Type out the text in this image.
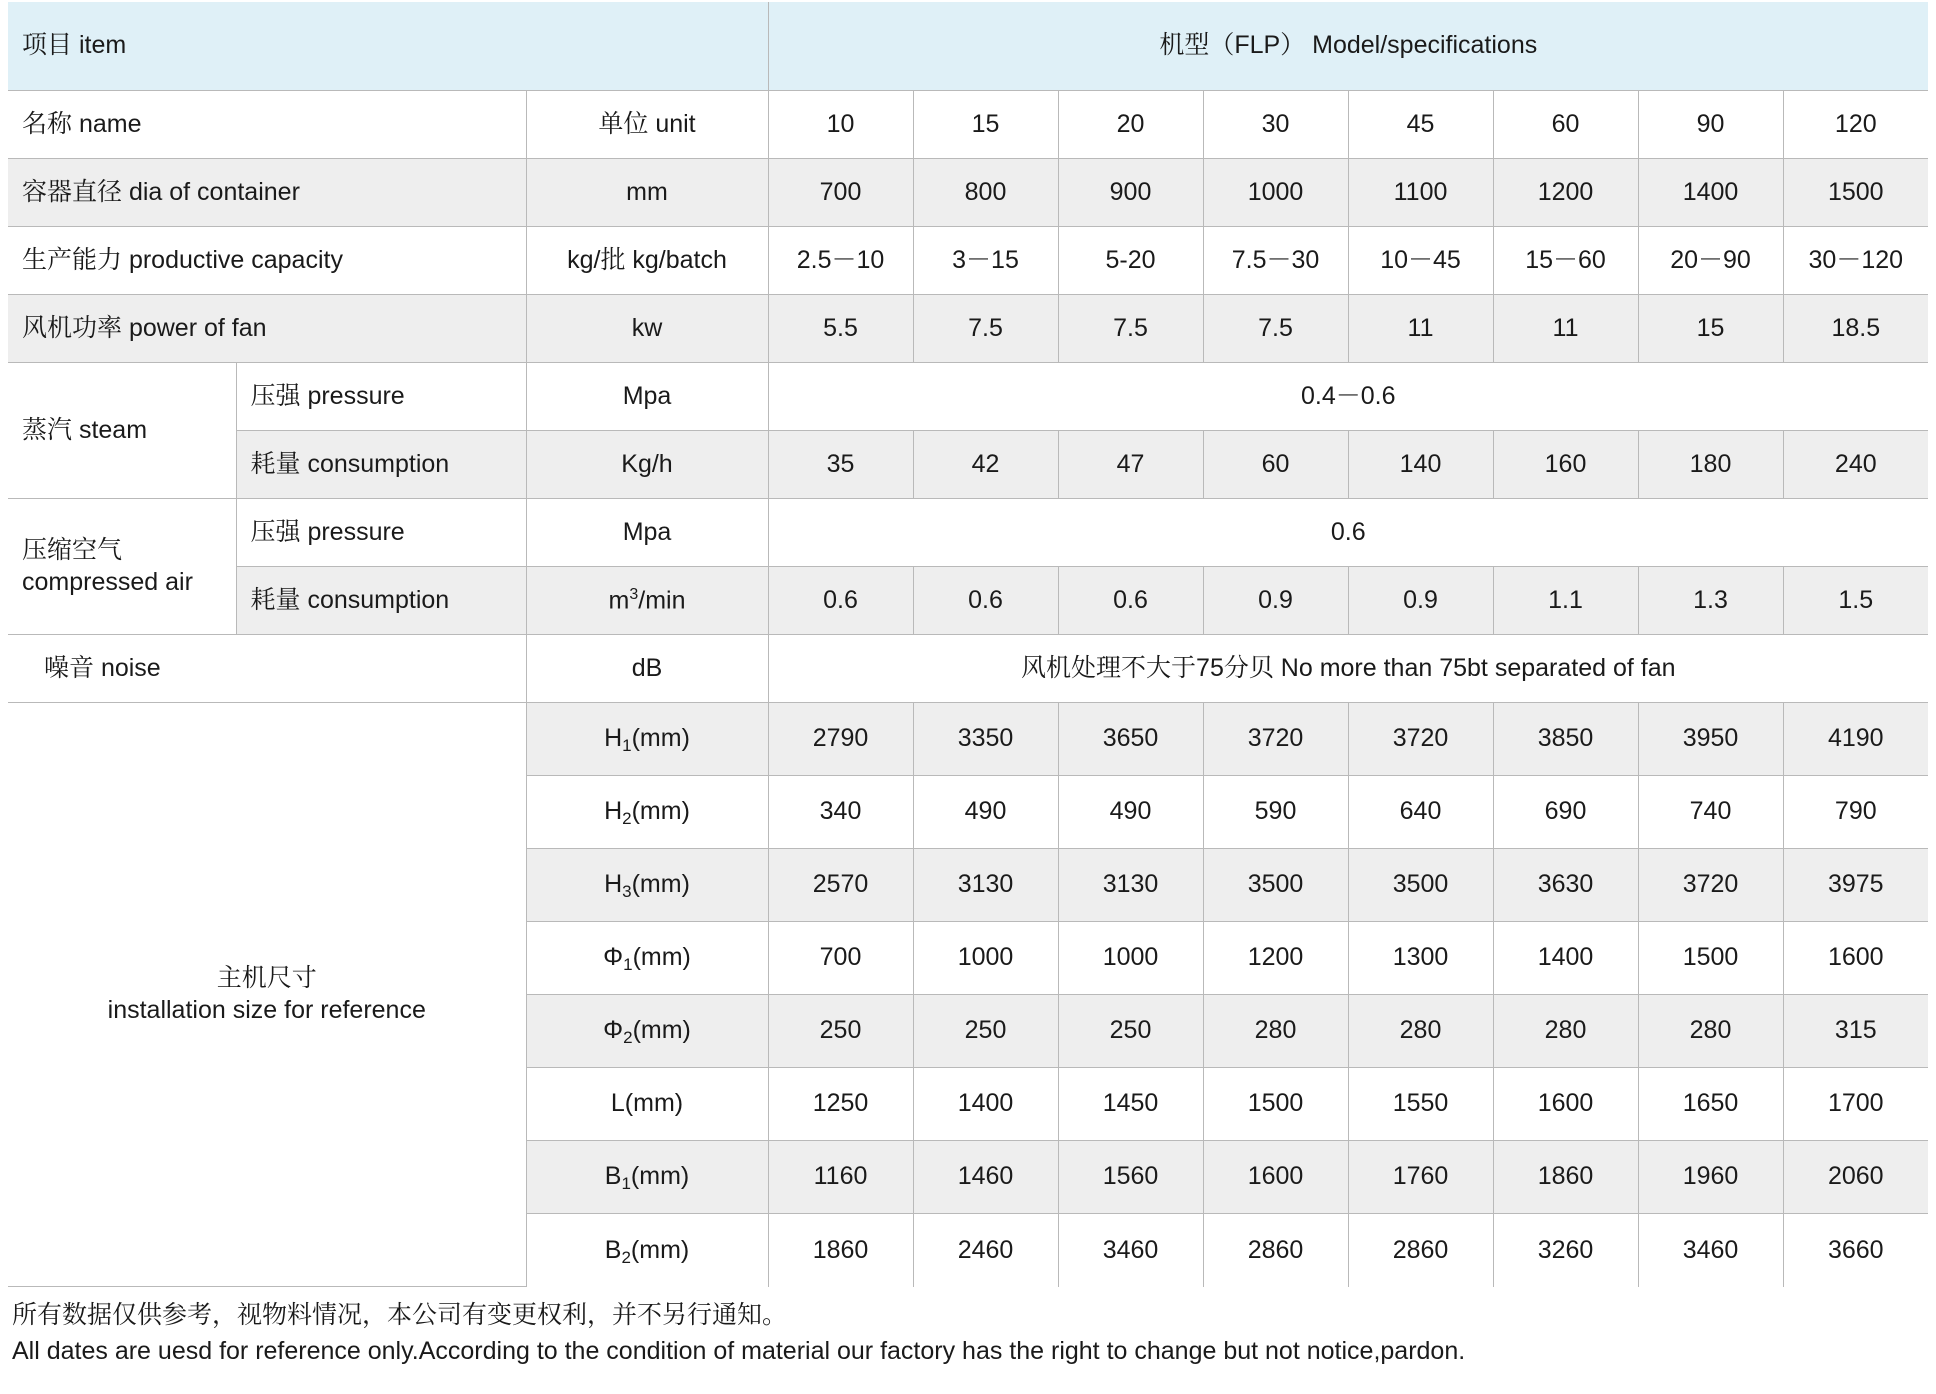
项目 item			机型（FLP） Model/specifications							
名称 name		单位 unit	10	15	20	30	45	60	90	120
容器直径 dia of container		mm	700	800	900	1000	1100	1200	1400	1500
生产能力 productive capacity		kg/批 kg/batch	2.5－10	3－15	5-20	7.5－30	10－45	15－60	20－90	30－120
风机功率 power of fan		kw	5.5	7.5	7.5	7.5	11	11	15	18.5
蒸汽 steam	压强 pressure	Mpa	0.4－0.6							
	耗量 consumption	Kg/h	35	42	47	60	140	160	180	240
压缩空气
compressed air	压强 pressure	Mpa	0.6							
	耗量 consumption	$m^3/\min$	0.6	0.6	0.6	0.9	0.9	1.1	1.3	1.5
噪音 noise		dB	风机处理不大于75分贝 No more than 75bt separated of fan							
主机尺寸
installation size for reference		$H_1(mm)$	2790	3350	3650	3720	3720	3850	3950	4190
		$H_2(mm)$	340	490	490	590	640	690	740	790
		$H_3(mm)$	2570	3130	3130	3500	3500	3630	3720	3975
		$\Phi_1(mm)$	700	1000	1000	1200	1300	1400	1500	1600
		$\Phi_2(mm)$	250	250	250	280	280	280	280	315
		L(mm)	1250	1400	1450	1500	1550	1600	1650	1700
		$B_1(mm)$	1160	1460	1560	1600	1760	1860	1960	2060
		$B_2(mm)$	1860	2460	3460	2860	2860	3260	3460	3660
所有数据仅供参考，视物料情况，本公司有变更权利，并不另行通知。
All dates are uesd for reference only.According to the condition of material our factory has the right to change but not notice,pardon.
